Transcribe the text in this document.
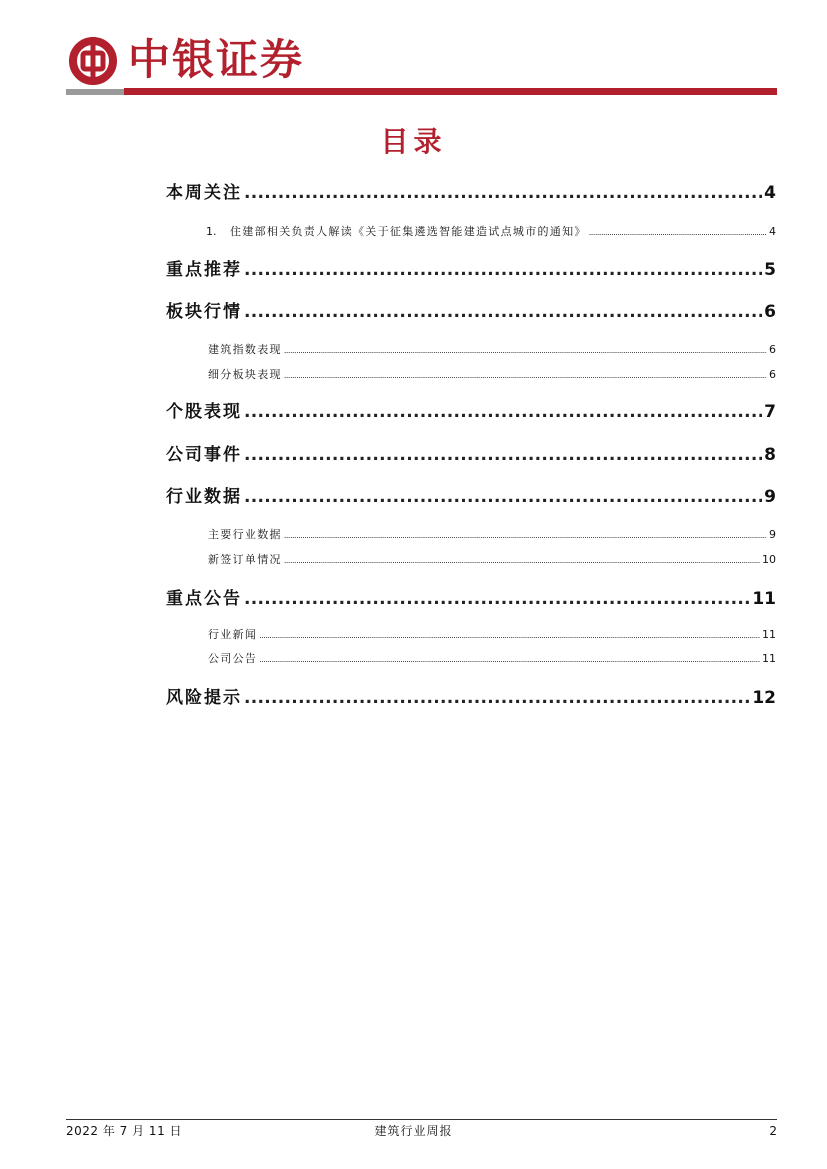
中银证券
目录
本周关注 .....	4
1. 住建部相关负责人解读《关于征集遴选智能建造试点城市的通知》 .....	4
重点推荐 .....	5
板块行情 .....	6
建筑指数表现 .....	6
细分板块表现 .....	6
个股表现 .....	7
公司事件 .....	8
行业数据 .....	9
主要行业数据 .....	9
新签订单情况 .....	10
重点公告 .....	11
行业新闻 .....	11
公司公告 .....	11
风险提示 .....	12
2022 年 7 月 11 日	建筑行业周报	2
